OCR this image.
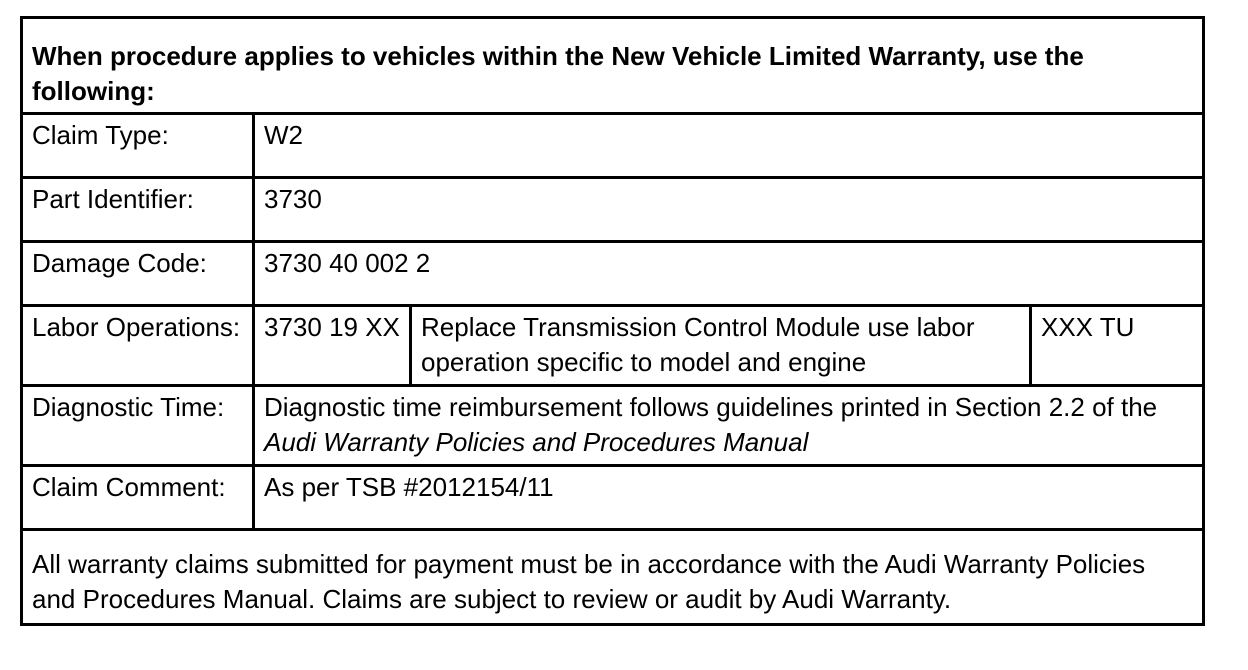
When procedure applies to vehicles within the New Vehicle Limited Warranty, use the following:			
Claim Type:	W2		
Part Identifier:	3730		
Damage Code:	3730 40 002 2		
Labor Operations:	3730 19 XX	Replace Transmission Control Module use labor operation specific to model and engine	XXX TU
Diagnostic Time:	Diagnostic time reimbursement follows guidelines printed in Section 2.2 of the Audi Warranty Policies and Procedures Manual		
Claim Comment:	As per TSB #2012154/11		
All warranty claims submitted for payment must be in accordance with the Audi Warranty Policies and Procedures Manual. Claims are subject to review or audit by Audi Warranty.			
